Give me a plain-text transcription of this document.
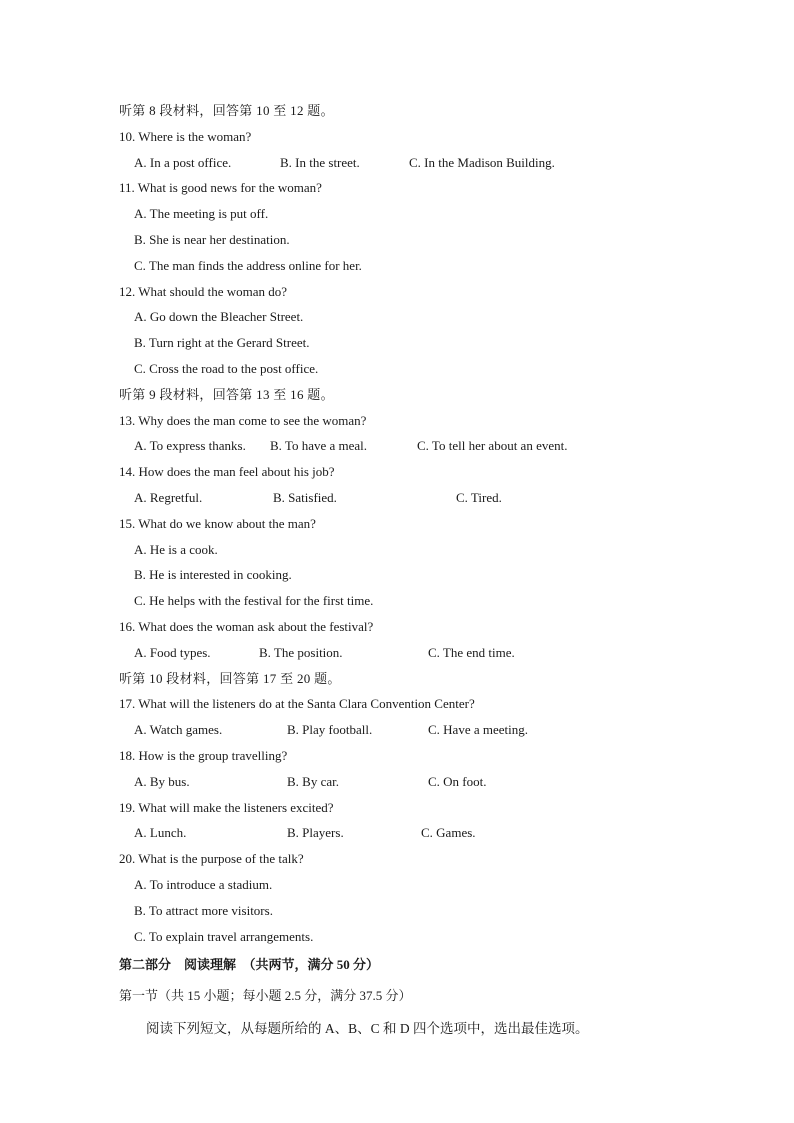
听第 8 段材料，回答第 10 至 12 题。
10. Where is the woman?
A. In a post office.	B. In the street.	C. In the Madison Building.
11. What is good news for the woman?
A. The meeting is put off.
B. She is near her destination.
C. The man finds the address online for her.
12. What should the woman do?
A. Go down the Bleacher Street.
B. Turn right at the Gerard Street.
C. Cross the road to the post office.
听第 9 段材料，回答第 13 至 16 题。
13. Why does the man come to see the woman?
A. To express thanks. B. To have a meal.	C. To tell her about an event.
14. How does the man feel about his job?
A. Regretful.	B. Satisfied.	C. Tired.
15. What do we know about the man?
A. He is a cook.
B. He is interested in cooking.
C. He helps with the festival for the first time.
16. What does the woman ask about the festival?
A. Food types.	B. The position.	C. The end time.
听第 10 段材料，回答第 17 至 20 题。
17. What will the listeners do at the Santa Clara Convention Center?
A. Watch games.	B. Play football.	C. Have a meeting.
18. How is the group travelling?
A. By bus.	B. By car.	C. On foot.
19. What will make the listeners excited?
A. Lunch.	B. Players.	C. Games.
20. What is the purpose of the talk?
A. To introduce a stadium.
B. To attract more visitors.
C. To explain travel arrangements.
第二部分　阅读理解　（共两节，满分 50 分）
第一节（共 15 小题；每小题 2.5 分，满分 37.5 分）
阅读下列短文，从每题所给的 A、B、C 和 D 四个选项中，选出最佳选项。
